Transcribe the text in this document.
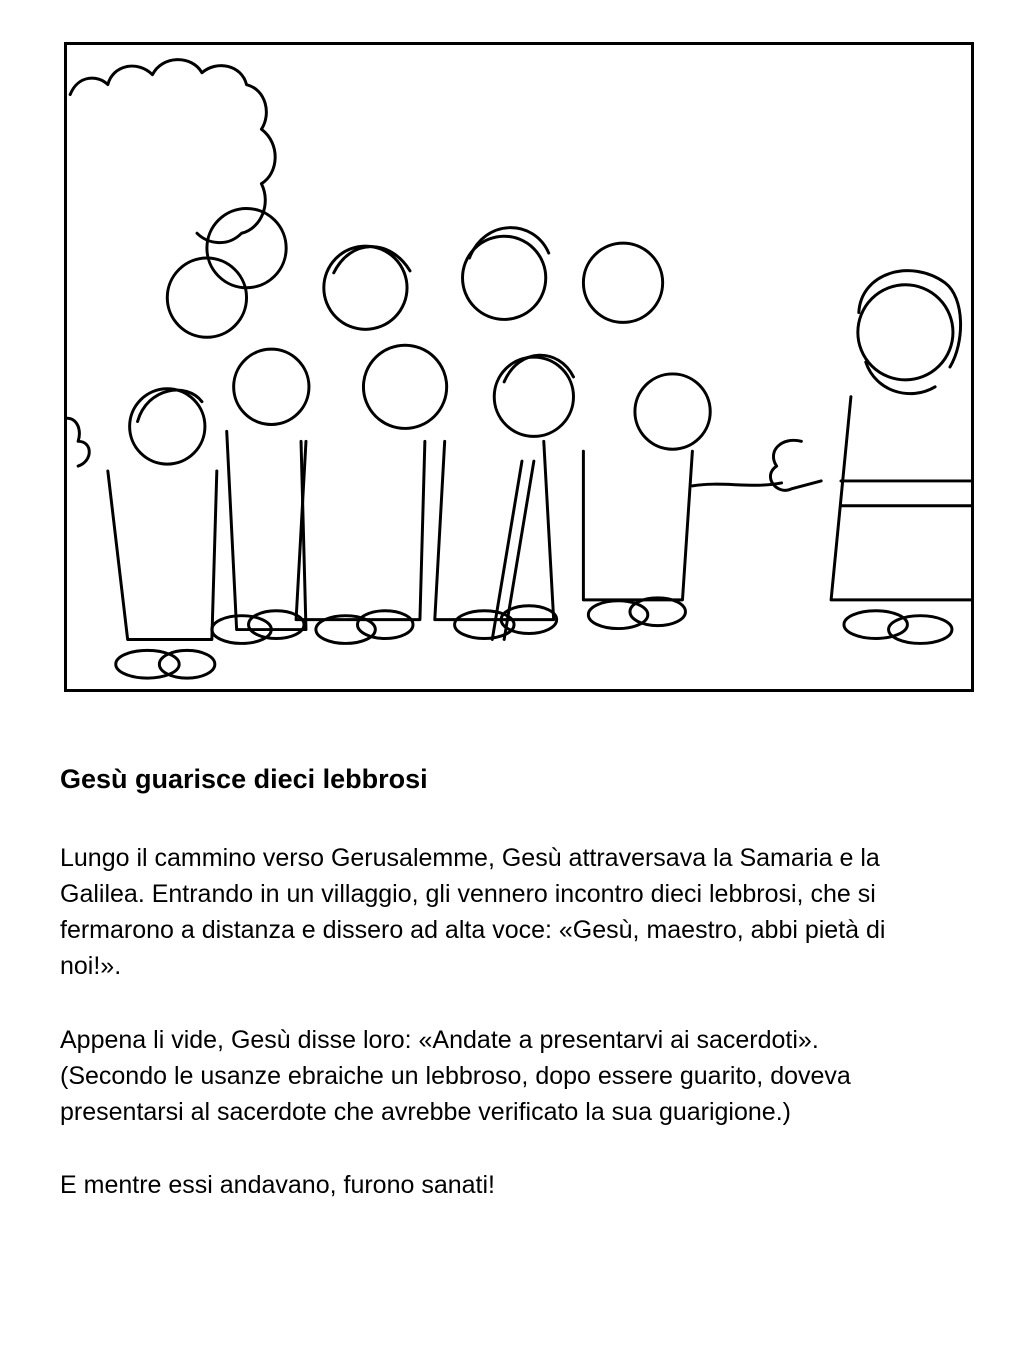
Gesù guarisce dieci lebbrosi

Lungo il cammino verso Gerusalemme, Gesù attraversava la Samaria e la
Galilea. Entrando in un villaggio, gli vennero incontro dieci lebbrosi, che si
fermarono a distanza e dissero ad alta voce: «Gesù, maestro, abbi pietà di
noi!».

Appena li vide, Gesù disse loro: «Andate a presentarvi ai sacerdoti».
(Secondo le usanze ebraiche un lebbroso, dopo essere guarito, doveva
presentarsi al sacerdote che avrebbe verificato la sua guarigione.)

E mentre essi andavano, furono sanati!
